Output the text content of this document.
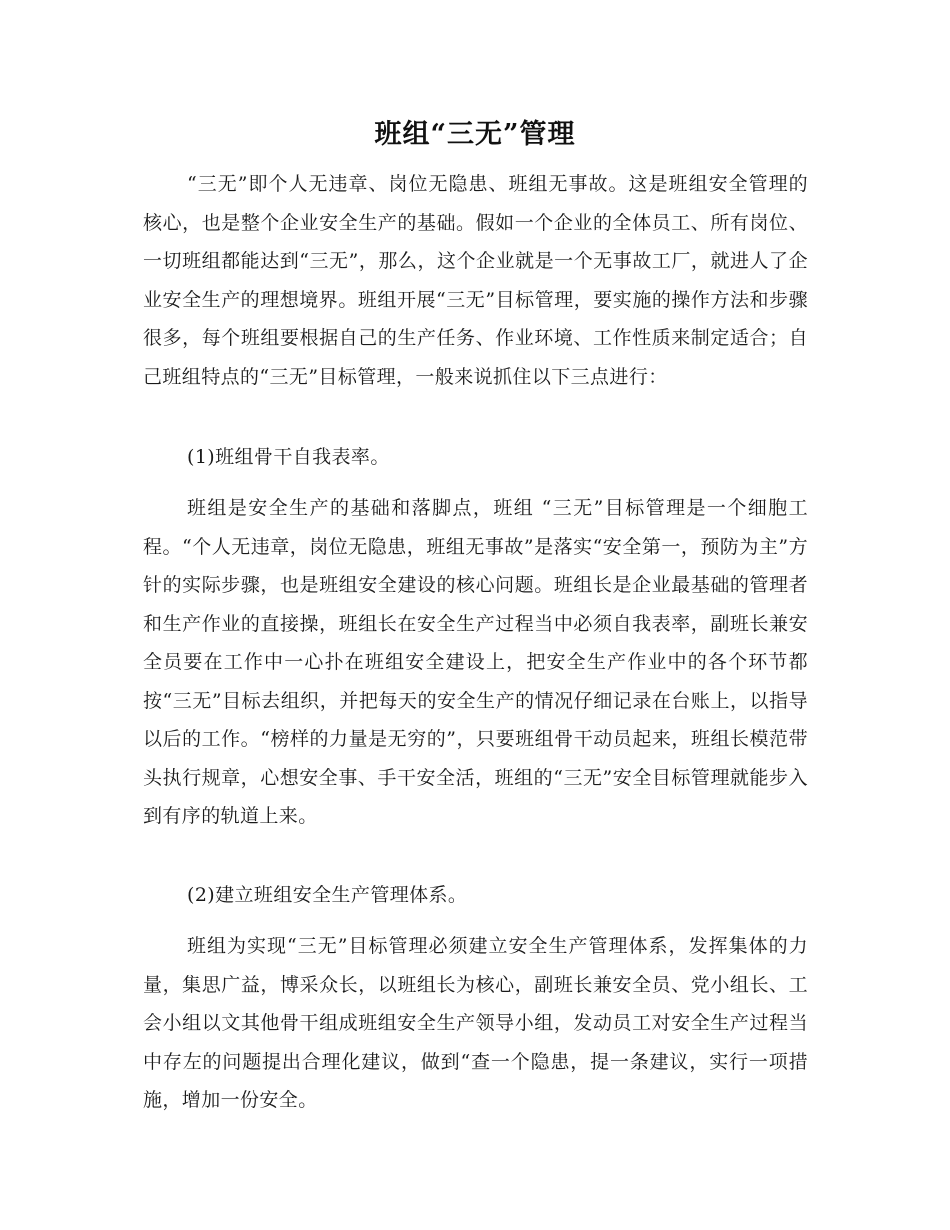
班组“三无”管理

“三无”即个人无违章、岗位无隐患、班组无事故。这是班组安全管理的核心，也是整个企业安全生产的基础。假如一个企业的全体员工、所有岗位、一切班组都能达到“三无”，那么，这个企业就是一个无事故工厂，就进人了企业安全生产的理想境界。班组开展“三无”目标管理，要实施的操作方法和步骤很多，每个班组要根据自己的生产任务、作业环境、工作性质来制定适合；自己班组特点的“三无”目标管理，一般来说抓住以下三点进行：

(1)班组骨干自我表率。

班组是安全生产的基础和落脚点，班组 “三无”目标管理是一个细胞工程。“个人无违章，岗位无隐患，班组无事故”是落实“安全第一，预防为主”方针的实际步骤，也是班组安全建设的核心问题。班组长是企业最基础的管理者和生产作业的直接操，班组长在安全生产过程当中必须自我表率，副班长兼安全员要在工作中一心扑在班组安全建设上，把安全生产作业中的各个环节都按“三无”目标去组织，并把每天的安全生产的情况仔细记录在台账上，以指导以后的工作。“榜样的力量是无穷的”，只要班组骨干动员起来，班组长模范带头执行规章，心想安全事、手干安全活，班组的“三无”安全目标管理就能步入到有序的轨道上来。

(2)建立班组安全生产管理体系。

班组为实现“三无”目标管理必须建立安全生产管理体系，发挥集体的力量，集思广益，博采众长，以班组长为核心，副班长兼安全员、党小组长、工会小组以文其他骨干组成班组安全生产领导小组，发动员工对安全生产过程当中存左的问题提出合理化建议，做到“查一个隐患，提一条建议，实行一项措施，增加一份安全。
